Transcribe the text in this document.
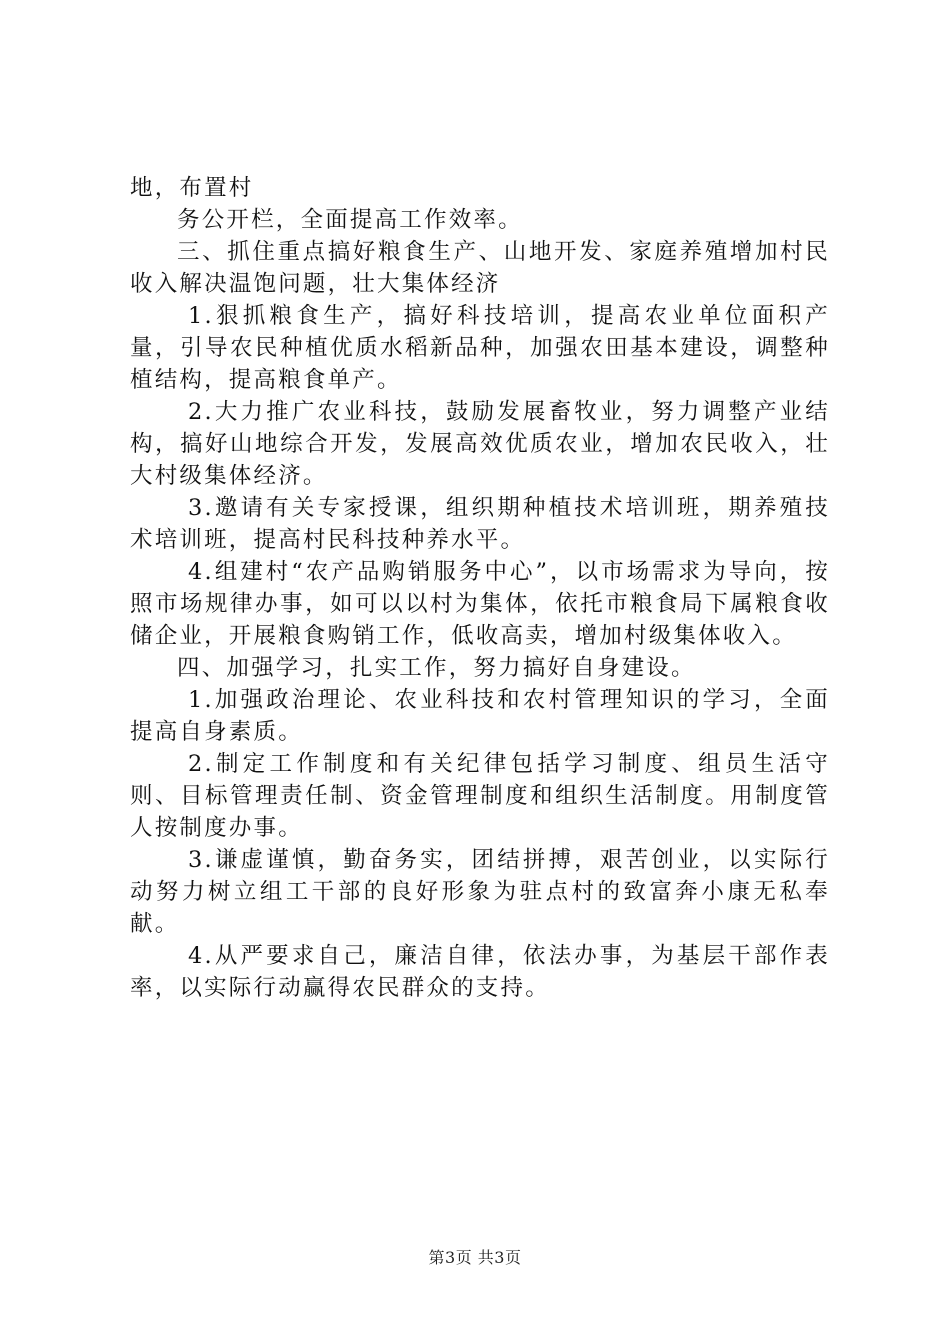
地，布置村

务公开栏，全面提高工作效率。

三、抓住重点搞好粮食生产、山地开发、家庭养殖增加村民收入解决温饱问题，壮大集体经济

1.狠抓粮食生产，搞好科技培训，提高农业单位面积产量，引导农民种植优质水稻新品种，加强农田基本建设，调整种植结构，提高粮食单产。

2.大力推广农业科技，鼓励发展畜牧业，努力调整产业结构，搞好山地综合开发，发展高效优质农业，增加农民收入，壮大村级集体经济。

3.邀请有关专家授课，组织期种植技术培训班，期养殖技术培训班，提高村民科技种养水平。

4.组建村“农产品购销服务中心”，以市场需求为导向，按照市场规律办事，如可以以村为集体，依托市粮食局下属粮食收储企业，开展粮食购销工作，低收高卖，增加村级集体收入。

四、加强学习，扎实工作，努力搞好自身建设。

1.加强政治理论、农业科技和农村管理知识的学习，全面提高自身素质。

2.制定工作制度和有关纪律包括学习制度、组员生活守则、目标管理责任制、资金管理制度和组织生活制度。用制度管人按制度办事。

3.谦虚谨慎，勤奋务实，团结拼搏，艰苦创业，以实际行动努力树立组工干部的良好形象为驻点村的致富奔小康无私奉献。

4.从严要求自己，廉洁自律，依法办事，为基层干部作表率，以实际行动赢得农民群众的支持。

第3页 共3页
